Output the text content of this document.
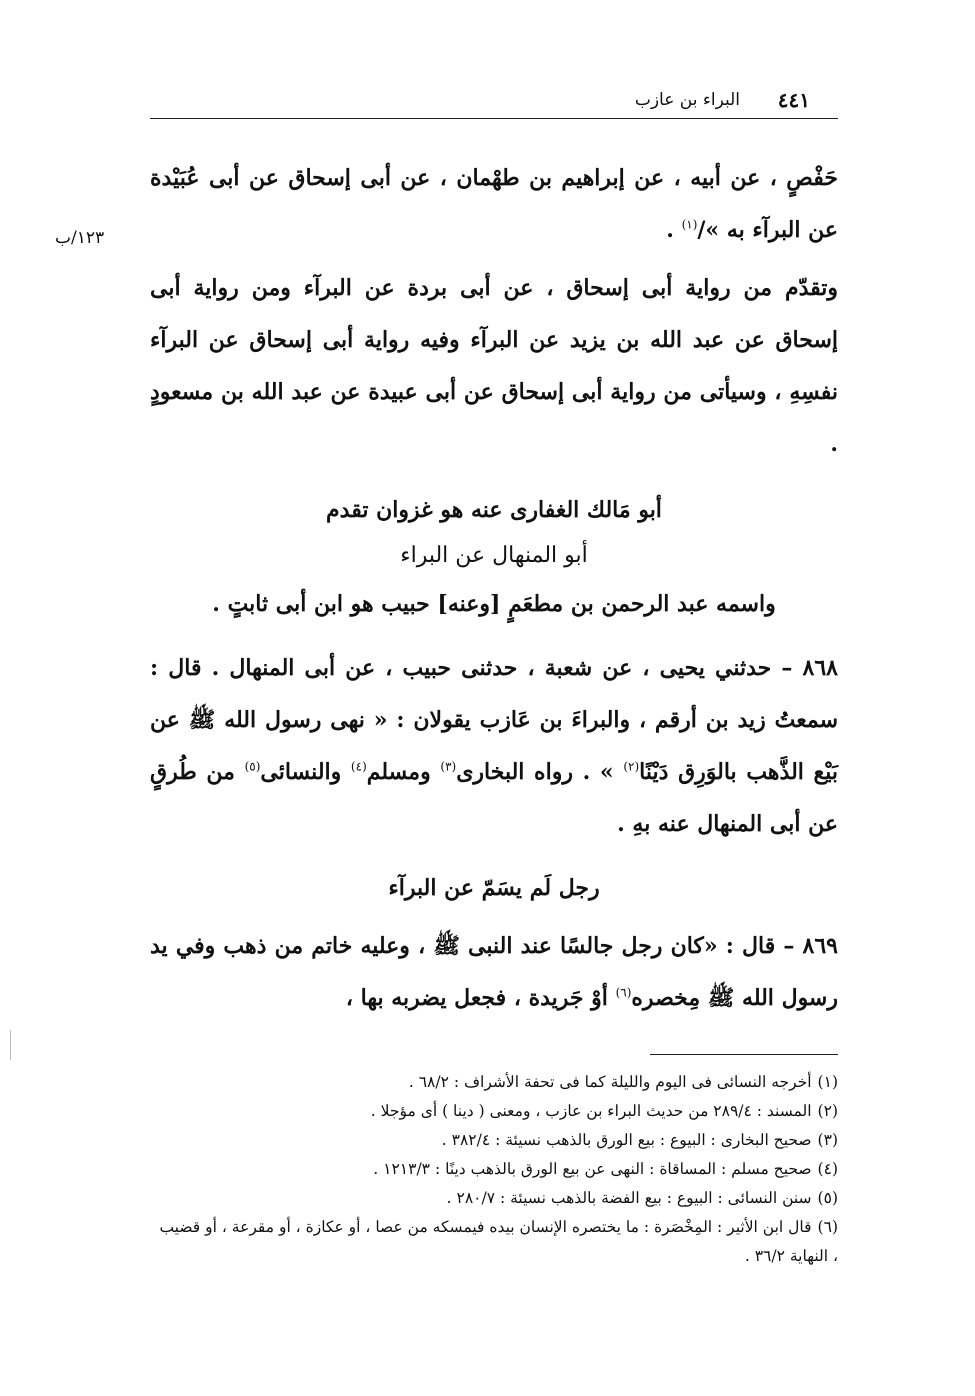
٤٤١
البراء بن عازب
١٢٣/ب
حَفْصٍ ، عن أبيه ، عن إبراهيم بن طهْمان ، عن أبى إسحاق عن أبى عُبَيْدة عن البرآء به »/$^{(١)}$ .
وتقدّم من رواية أبى إسحاق ، عن أبى بردة عن البرآء ومن رواية أبى إسحاق عن عبد الله بن يزيد عن البرآء وفيه رواية أبى إسحاق عن البرآء نفسِهِ ، وسيأتى من رواية أبى إسحاق عن أبى عبيدة عن عبد الله بن مسعودٍ .
أبو مَالك الغفارى عنه هو غزوان تقدم
أبو المنهال عن البراء
واسمه عبد الرحمن بن مطعَمٍ [وعنه] حبيب هو ابن أبى ثابتٍ .
٨٦٨ – حدثني يحيى ، عن شعبة ، حدثنى حبيب ، عن أبى المنهال . قال : سمعتُ زيد بن أرقم ، والبراءَ بن عَازب يقولان : « نهى رسول الله ﷺ عن بَيْع الذَّهب بالوَرِق دَيْنًا$^{(٢)}$ » . رواه البخارى$^{(٣)}$ ومسلم$^{(٤)}$ والنسائى$^{(٥)}$ من طُرقٍ عن أبى المنهال عنه بهِ .
رجل لَم يسَمّ عن البرآء
٨٦٩ – قال : «كان رجل جالسًا عند النبى ﷺ ، وعليه خاتم من ذهب وفي يد رسول الله ﷺ مِخصره$^{(٦)}$ أوْ جَريدة ، فجعل يضربه بها ،
(١)أخرجه النسائى فى اليوم والليلة كما فى تحفة الأشراف : ٦٨/٢ .
(٢)المسند : ٢٨٩/٤ من حديث البراء بن عازب ، ومعنى ( دينا ) أى مؤجلا .
(٣)صحيح البخارى : البيوع : بيع الورق بالذهب نسيئة : ٣٨٢/٤ .
(٤)صحيح مسلم : المساقاة : النهى عن بيع الورق بالذهب دينًا : ١٢١٣/٣ .
(٥)سنن النسائى : البيوع : بيع الفضة بالذهب نسيئة : ٢٨٠/٧ .
(٦)قال ابن الأثير : المِخْصَرة : ما يختصره الإنسان بيده فيمسكه من عصا ، أو عكازة ، أو مقرعة ، أو قضيب ، النهاية ٣٦/٢ .
